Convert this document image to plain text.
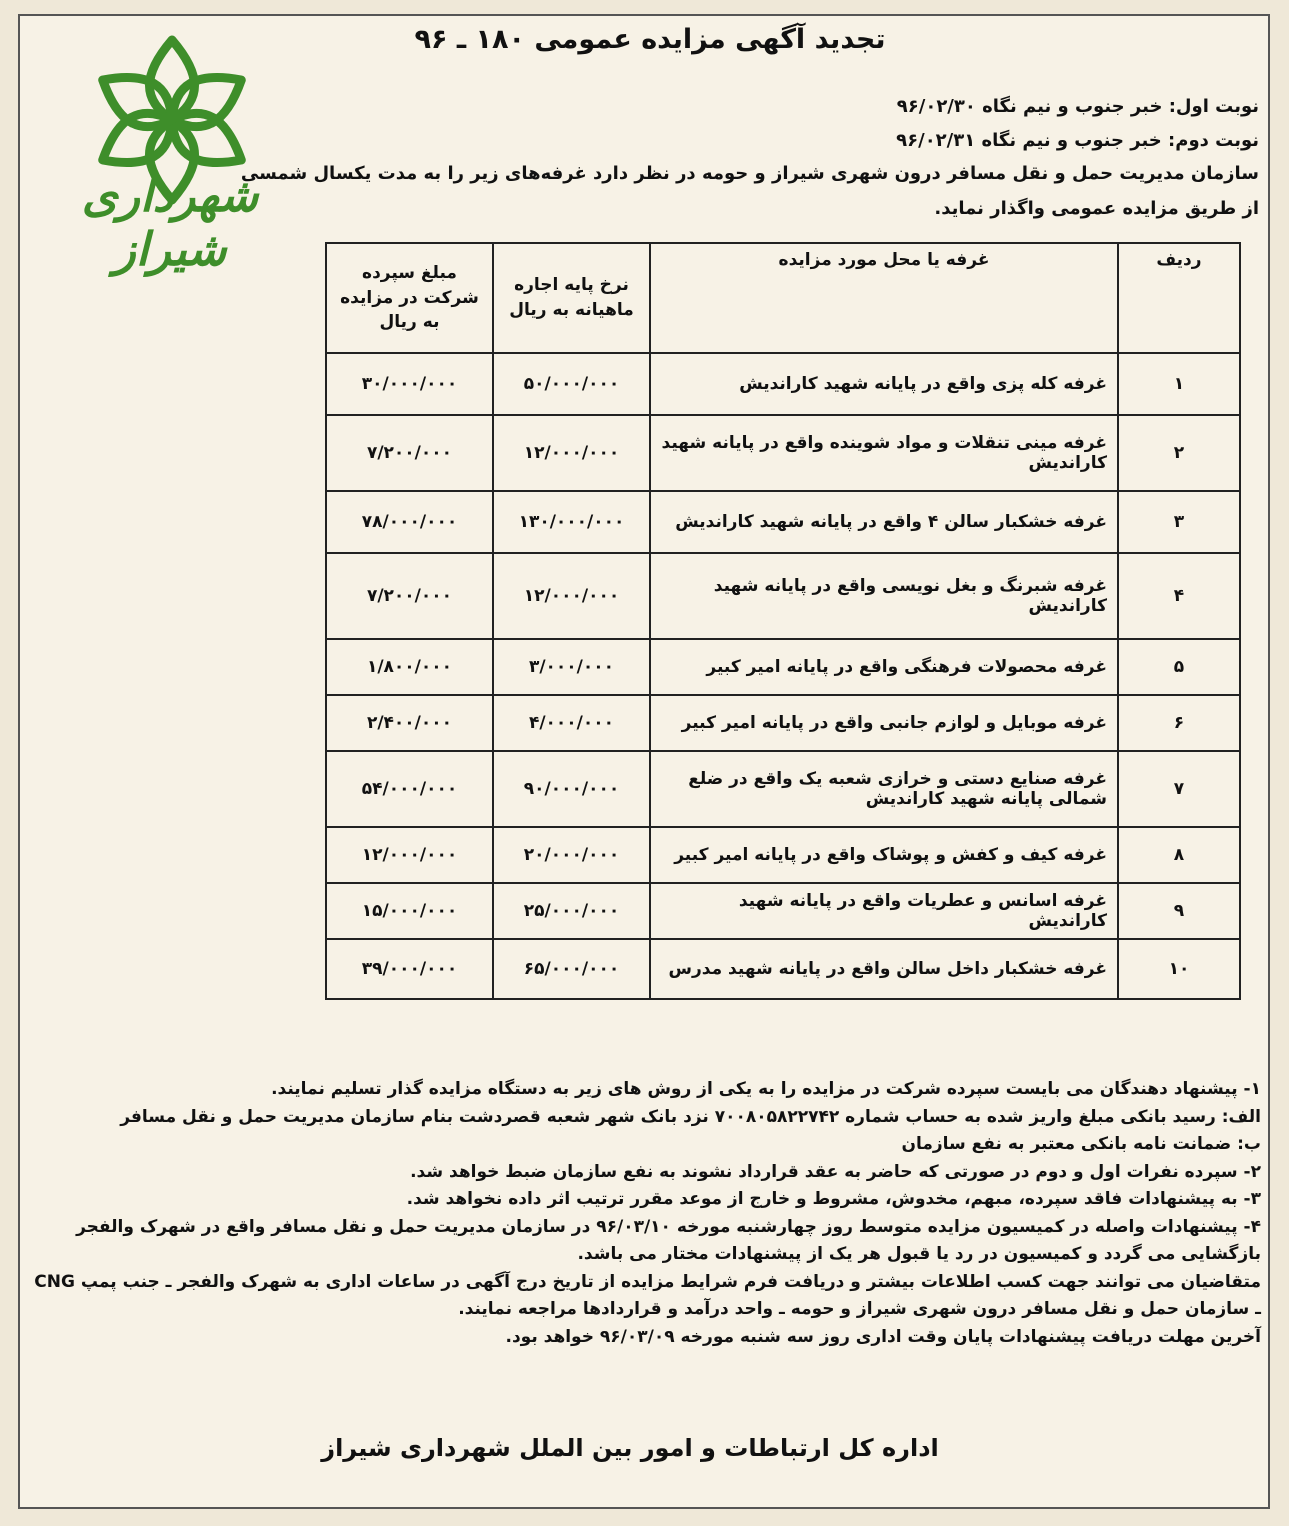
شهرداری شیراز
تجدید آگهی مزایده عمومی ۱۸۰ ـ ۹۶
نوبت اول: خبر جنوب و نیم نگاه ۹۶/۰۲/۳۰
نوبت دوم: خبر جنوب و نیم نگاه ۹۶/۰۲/۳۱
سازمان مدیریت حمل و نقل مسافر درون شهری شیراز و حومه در نظر دارد غرفه‌های زیر را به مدت یکسال شمسی
از طریق مزایده عمومی واگذار نماید.
ردیف	غرفه یا محل مورد مزایده	نرخ پایه اجاره ماهیانه به ریال	مبلغ سپرده شرکت در مزایده به ریال
۱	غرفه کله پزی واقع در پایانه شهید کاراندیش	۵۰/۰۰۰/۰۰۰	۳۰/۰۰۰/۰۰۰
۲	غرفه مینی تنقلات و مواد شوینده واقع در پایانه شهید کاراندیش	۱۲/۰۰۰/۰۰۰	۷/۲۰۰/۰۰۰
۳	غرفه خشکبار سالن ۴ واقع در پایانه شهید کاراندیش	۱۳۰/۰۰۰/۰۰۰	۷۸/۰۰۰/۰۰۰
۴	غرفه شبرنگ و بغل نویسی واقع در پایانه شهید کاراندیش	۱۲/۰۰۰/۰۰۰	۷/۲۰۰/۰۰۰
۵	غرفه محصولات فرهنگی واقع در پایانه امیر کبیر	۳/۰۰۰/۰۰۰	۱/۸۰۰/۰۰۰
۶	غرفه موبایل و لوازم جانبی واقع در پایانه امیر کبیر	۴/۰۰۰/۰۰۰	۲/۴۰۰/۰۰۰
۷	غرفه صنایع دستی و خرازی شعبه یک واقع در ضلع شمالی پایانه شهید کاراندیش	۹۰/۰۰۰/۰۰۰	۵۴/۰۰۰/۰۰۰
۸	غرفه کیف و کفش و پوشاک واقع در پایانه امیر کبیر	۲۰/۰۰۰/۰۰۰	۱۲/۰۰۰/۰۰۰
۹	غرفه اسانس و عطریات واقع در پایانه شهید کاراندیش	۲۵/۰۰۰/۰۰۰	۱۵/۰۰۰/۰۰۰
۱۰	غرفه خشکبار داخل سالن واقع در پایانه شهید مدرس	۶۵/۰۰۰/۰۰۰	۳۹/۰۰۰/۰۰۰
۱- پیشنهاد دهندگان می بایست سپرده شرکت در مزایده را به یکی از روش های زیر به دستگاه مزایده گذار تسلیم نمایند.
الف: رسید بانکی مبلغ واریز شده به حساب شماره ۷۰۰۸۰۵۸۲۲۷۴۲ نزد بانک شهر شعبه قصردشت بنام سازمان مدیریت حمل و نقل مسافر
ب: ضمانت نامه بانکی معتبر به نفع سازمان
۲- سپرده نفرات اول و دوم در صورتی که حاضر به عقد قرارداد نشوند به نفع سازمان ضبط خواهد شد.
۳- به پیشنهادات فاقد سپرده، مبهم، مخدوش، مشروط و خارج از موعد مقرر ترتیب اثر داده نخواهد شد.
۴- پیشنهادات واصله در کمیسیون مزایده متوسط روز چهارشنبه مورخه ۹۶/۰۳/۱۰ در سازمان مدیریت حمل و نقل مسافر واقع در شهرک والفجر
بازگشایی می گردد و کمیسیون در رد یا قبول هر یک از پیشنهادات مختار می باشد.
متقاضیان می توانند جهت کسب اطلاعات بیشتر و دریافت فرم شرایط مزایده از تاریخ درج آگهی در ساعات اداری به شهرک والفجر ـ جنب پمپ CNG
ـ سازمان حمل و نقل مسافر درون شهری شیراز و حومه ـ واحد درآمد و قراردادها مراجعه نمایند.
آخرین مهلت دریافت پیشنهادات پایان وقت اداری روز سه شنبه مورخه ۹۶/۰۳/۰۹ خواهد بود.
اداره کل ارتباطات و امور بین الملل شهرداری شیراز
